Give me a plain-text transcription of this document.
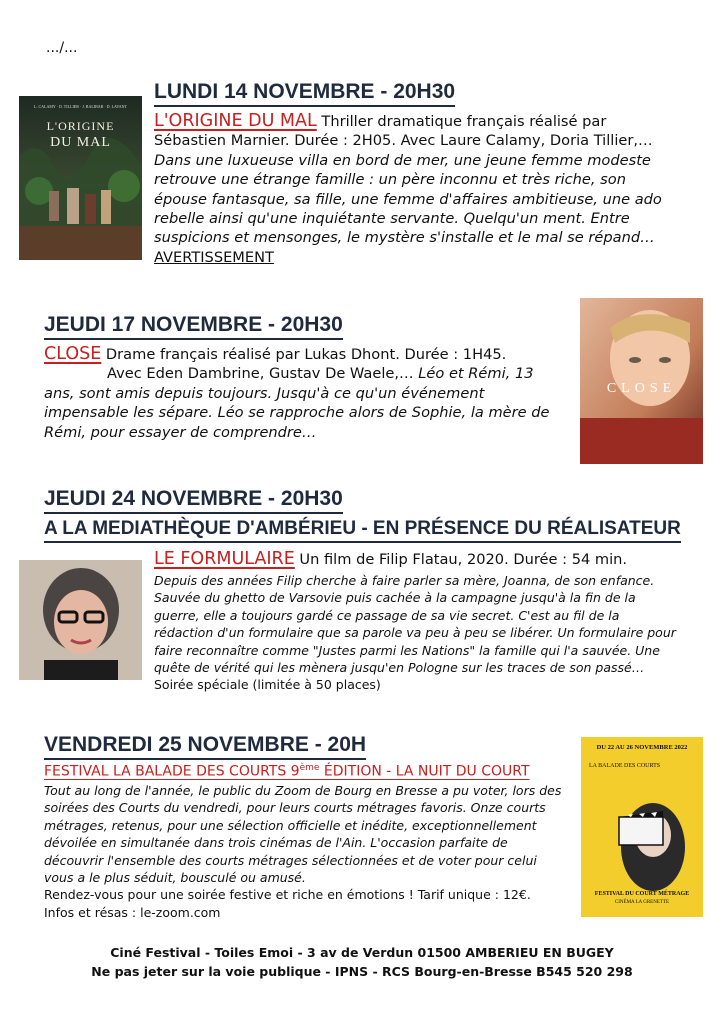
.../...
L. CALAMY · D. TILLIER · J. BALIBAR · D. LAVANT
L'ORIGINE
DU MAL
LUNDI 14 NOVEMBRE - 20H30
L'ORIGINE DU MAL Thriller dramatique français réalisé par Sébastien Marnier. Durée : 2H05. Avec Laure Calamy, Doria Tillier,… Dans une luxueuse villa en bord de mer, une jeune femme modeste retrouve une étrange famille : un père inconnu et très riche, son épouse fantasque, sa fille, une femme d'affaires ambitieuse, une ado rebelle ainsi qu'une inquiétante servante. Quelqu'un ment. Entre suspicions et mensonges, le mystère s'installe et le mal se répand… AVERTISSEMENT
JEUDI 17 NOVEMBRE - 20H30
CLOSE Drame français réalisé par Lukas Dhont. Durée : 1H45.
Avec Eden Dambrine, Gustav De Waele,… Léo et Rémi, 13 ans, sont amis depuis toujours. Jusqu'à ce qu'un événement impensable les sépare. Léo se rapproche alors de Sophie, la mère de Rémi, pour essayer de comprendre…
CLOSE
JEUDI 24 NOVEMBRE - 20H30
A LA MEDIATHÈQUE D'AMBÉRIEU - EN PRÉSENCE DU RÉALISATEUR
LE FORMULAIRE Un film de Filip Flatau, 2020. Durée : 54 min.
Depuis des années Filip cherche à faire parler sa mère, Joanna, de son enfance. Sauvée du ghetto de Varsovie puis cachée à la campagne jusqu'à la fin de la guerre, elle a toujours gardé ce passage de sa vie secret. C'est au fil de la rédaction d'un formulaire que sa parole va peu à peu se libérer. Un formulaire pour faire reconnaître comme "Justes parmi les Nations" la famille qui l'a sauvée. Une quête de vérité qui les mènera jusqu'en Pologne sur les traces de son passé… Soirée spéciale (limitée à 50 places)
VENDREDI 25 NOVEMBRE - 20H
FESTIVAL LA BALADE DES COURTS 9ème ÉDITION - LA NUIT DU COURT
Tout au long de l'année, le public du Zoom de Bourg en Bresse a pu voter, lors des soirées des Courts du vendredi, pour leurs courts métrages favoris. Onze courts métrages, retenus, pour une sélection officielle et inédite, exceptionnellement dévoilée en simultanée dans trois cinémas de l'Ain. L'occasion parfaite de découvrir l'ensemble des courts métrages sélectionnées et de voter pour celui vous a le plus séduit, bousculé ou amusé.
Rendez-vous pour une soirée festive et riche en émotions ! Tarif unique : 12€.
Infos et résas : le-zoom.com
DU 22 AU 26 NOVEMBRE 2022
LA BALADE DES COURTS
FESTIVAL DU COURT MÉTRAGE
CINÉMA LA GRENETTE
Ciné Festival - Toiles Emoi - 3 av de Verdun 01500 AMBERIEU EN BUGEY
Ne pas jeter sur la voie publique - IPNS - RCS Bourg-en-Bresse B545 520 298
